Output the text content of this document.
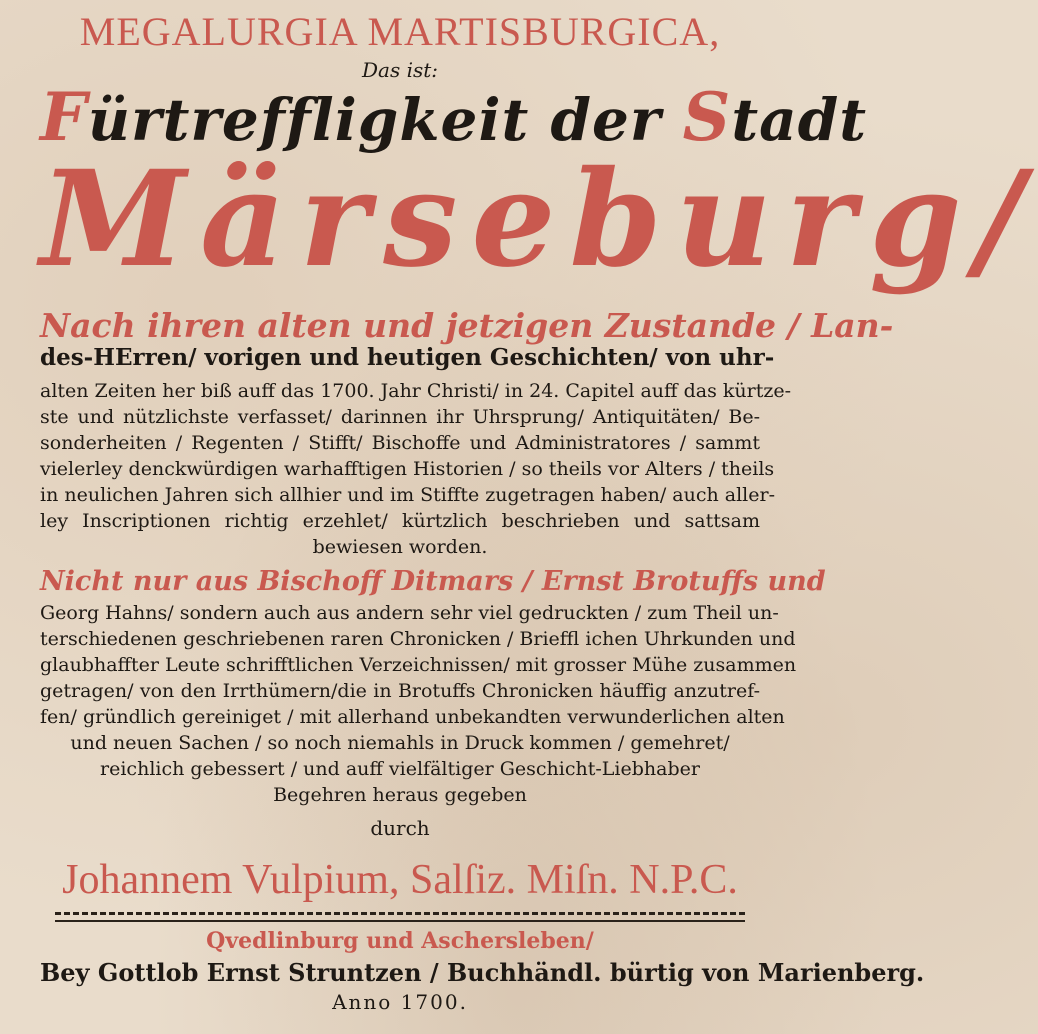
MEGALURGIA MARTISBURGICA,
Das ist:
Fürtreffligkeit der Stadt
Märseburg/
Nach ihren alten und jetzigen Zustande / Lan-
des-HErren/ vorigen und heutigen Geschichten/ von uhr-
alten Zeiten her biß auff das 1700. Jahr Christi/ in 24. Capitel auff das kürtze-
ste und nützlichste verfasset/ darinnen ihr Uhrsprung/ Antiquitäten/ Be-
sonderheiten / Regenten / Stifft/ Bischoffe und Administratores / sammt
vielerley denckwürdigen warhafftigen Historien / so theils vor Alters / theils
in neulichen Jahren sich allhier und im Stiffte zugetragen haben/ auch aller-
ley Inscriptionen richtig erzehlet/ kürtzlich beschrieben und sattsam
bewiesen worden.
Nicht nur aus Bischoff Ditmars / Ernst Brotuffs und
Georg Hahns/ sondern auch aus andern sehr viel gedruckten / zum Theil un-
terschiedenen geschriebenen raren Chronicken / Brieffl ichen Uhrkunden und
glaubhaffter Leute schrifftlichen Verzeichnissen/ mit grosser Mühe zusammen
getragen/ von den Irrthümern/die in Brotuffs Chronicken häuffig anzutref-
fen/ gründlich gereiniget / mit allerhand unbekandten verwunderlichen alten
und neuen Sachen / so noch niemahls in Druck kommen / gemehret/
reichlich gebessert / und auff vielfältiger Geschicht-Liebhaber
Begehren heraus gegeben
durch
Johannem Vulpium, Salſiz. Miſn. N.P.C.
Qvedlinburg und Aschersleben/
Bey Gottlob Ernst Struntzen / Buchhändl. bürtig von Marienberg.
Anno 1700.
